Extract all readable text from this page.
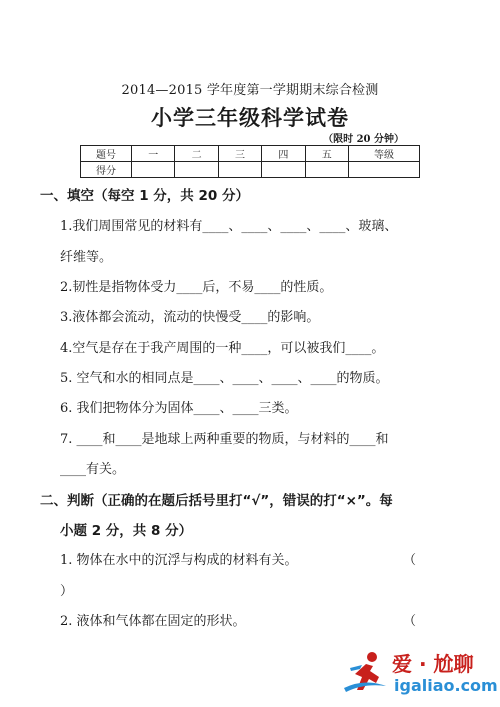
2014—2015 学年度第一学期期末综合检测
小学三年级科学试卷
（限时 20 分钟）
题号	一	二	三	四	五	等级
得分						
一、填空（每空 1 分，共 20 分）
1.我们周围常见的材料有____、____、____、____、玻璃、
纤维等。
2.韧性是指物体受力____后，不易____的性质。
3.液体都会流动，流动的快慢受____的影响。
4.空气是存在于我产周围的一种____，可以被我们____。
5. 空气和水的相同点是____、____、____、____的物质。
6. 我们把物体分为固体____、____三类。
7. ____和____是地球上两种重要的物质，与材料的____和
____有关。
二、判断（正确的在题后括号里打“√”，错误的打“×”。每
小题 2 分，共 8 分）
1. 物体在水中的沉浮与构成的材料有关。	（
）
2. 液体和气体都在固定的形状。	（
爱 · 尬聊
igaliao.com
